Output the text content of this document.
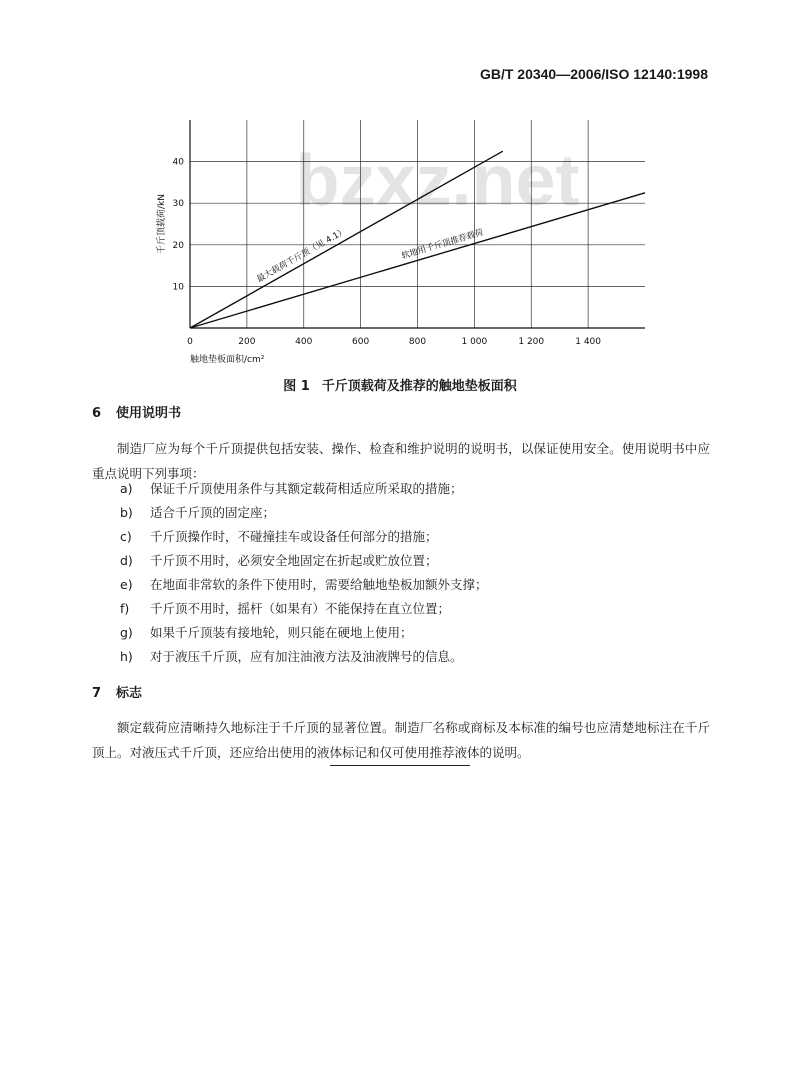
GB/T 20340—2006/ISO 12140:1998
bzxz.net
0	200	400	600	800	1 000	1 200	1 400
10
20
30
40
触地垫板面积/cm²
千斤顶载荷/kN
最大载荷千斤顶（见 4.1）	软地用千斤顶推荐载荷
图 1 千斤顶载荷及推荐的触地垫板面积
6 使用说明书
制造厂应为每个千斤顶提供包括安装、操作、检查和维护说明的说明书，以保证使用安全。使用说明书中应重点说明下列事项：
a) 保证千斤顶使用条件与其额定载荷相适应所采取的措施；
b) 适合千斤顶的固定座；
c) 千斤顶操作时，不碰撞挂车或设备任何部分的措施；
d) 千斤顶不用时，必须安全地固定在折起或贮放位置；
e) 在地面非常软的条件下使用时，需要给触地垫板加额外支撑；
f) 千斤顶不用时，摇杆（如果有）不能保持在直立位置；
g) 如果千斤顶装有接地轮，则只能在硬地上使用；
h) 对于液压千斤顶，应有加注油液方法及油液牌号的信息。
7 标志
额定载荷应清晰持久地标注于千斤顶的显著位置。制造厂名称或商标及本标准的编号也应清楚地标注在千斤顶上。对液压式千斤顶，还应给出使用的液体标记和仅可使用推荐液体的说明。
